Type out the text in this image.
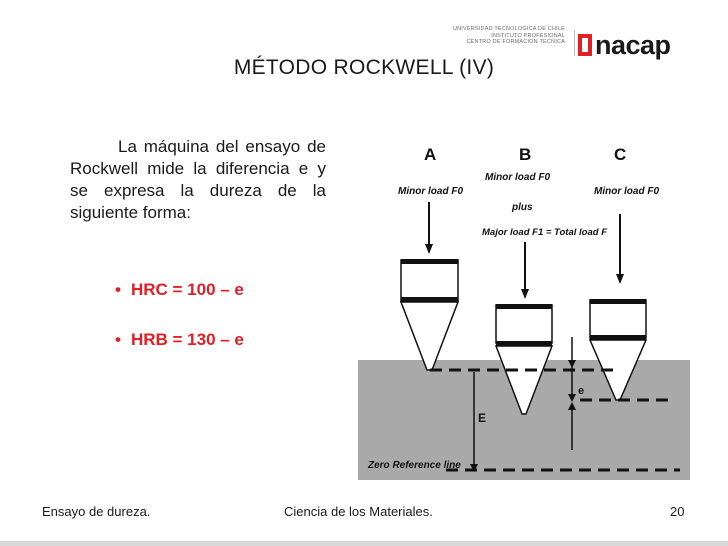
UNIVERSIDAD TECNOLOGICA DE CHILE
INSTITUTO PROFESIONAL
CENTRO DE FORMACION TECNICA nacap
MÉTODO ROCKWELL (IV)
La máquina del ensayo de Rockwell mide la diferencia e y se expresa la dureza de la siguiente forma:
• HRC = 100 – e
• HRB = 130 – e
A	B	C
Minor load F0
Minor load F0
plus
Major load F1 = Total load F
Minor load F0
e
E
Zero Reference line
Ensayo de dureza.	Ciencia de los Materiales.	20
